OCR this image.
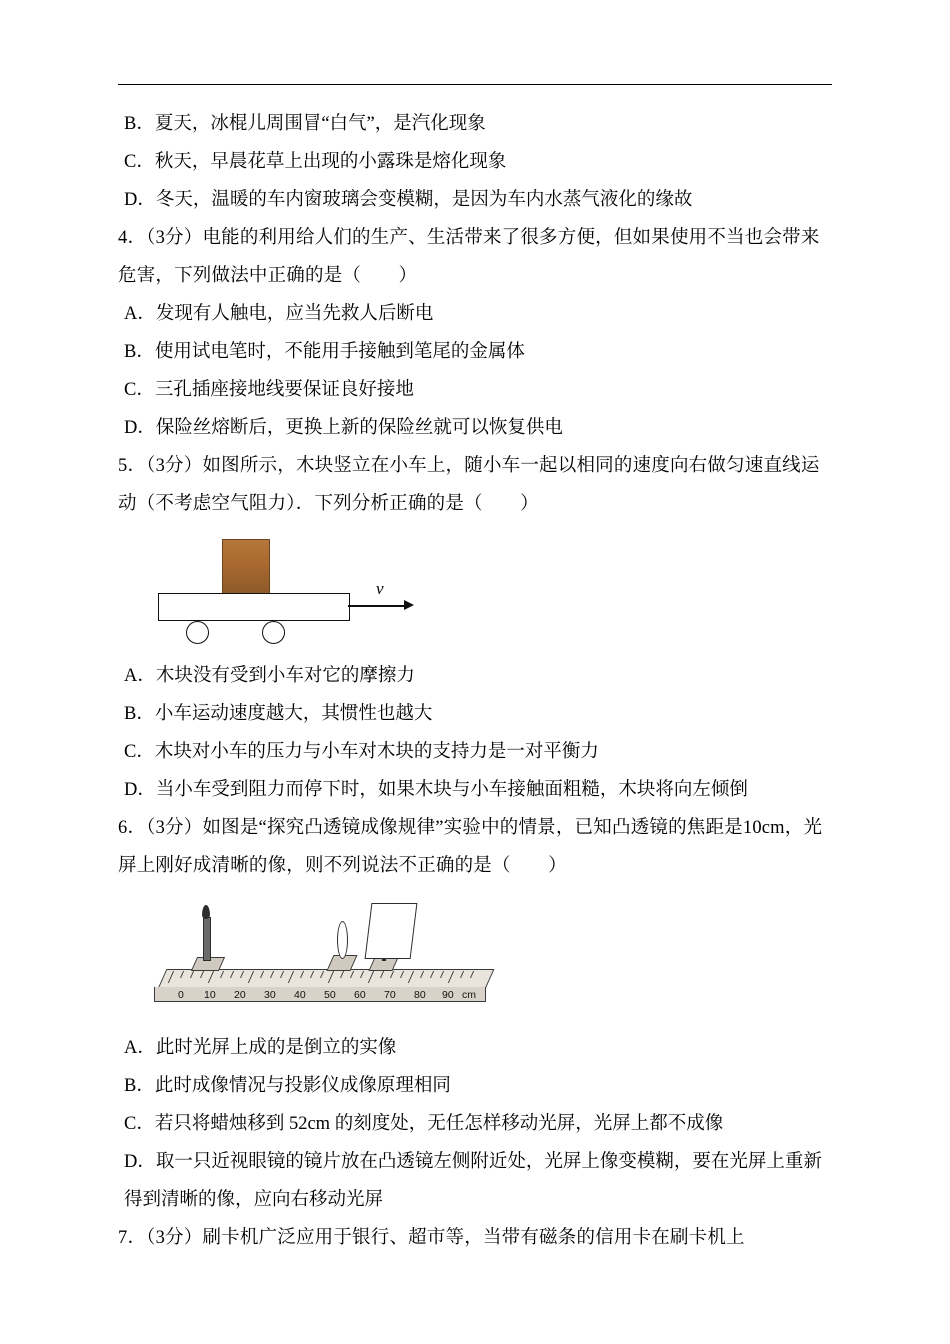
B．夏天，冰棍儿周围冒“白气”，是汽化现象
C．秋天，早晨花草上出现的小露珠是熔化现象
D．冬天，温暖的车内窗玻璃会变模糊，是因为车内水蒸气液化的缘故
4．（3分）电能的利用给人们的生产、生活带来了很多方便，但如果使用不当也会带来危害，下列做法中正确的是（　　）
A．发现有人触电，应当先救人后断电
B．使用试电笔时，不能用手接触到笔尾的金属体
C．三孔插座接地线要保证良好接地
D．保险丝熔断后，更换上新的保险丝就可以恢复供电
5．（3分）如图所示，木块竖立在小车上，随小车一起以相同的速度向右做匀速直线运动（不考虑空气阻力）．下列分析正确的是（　　）
v
A．木块没有受到小车对它的摩擦力
B．小车运动速度越大，其惯性也越大
C．木块对小车的压力与小车对木块的支持力是一对平衡力
D．当小车受到阻力而停下时，如果木块与小车接触面粗糙，木块将向左倾倒
6．（3分）如图是“探究凸透镜成像规律”实验中的情景，已知凸透镜的焦距是10cm，光屏上刚好成清晰的像，则不列说法不正确的是（　　）
0 10 20 30 40 50 60 70 80 90 cm
A．此时光屏上成的是倒立的实像
B．此时成像情况与投影仪成像原理相同
C．若只将蜡烛移到 52cm 的刻度处，无任怎样移动光屏，光屏上都不成像
D．取一只近视眼镜的镜片放在凸透镜左侧附近处，光屏上像变模糊，要在光屏上重新得到清晰的像，应向右移动光屏
7．（3分）刷卡机广泛应用于银行、超市等，当带有磁条的信用卡在刷卡机上
